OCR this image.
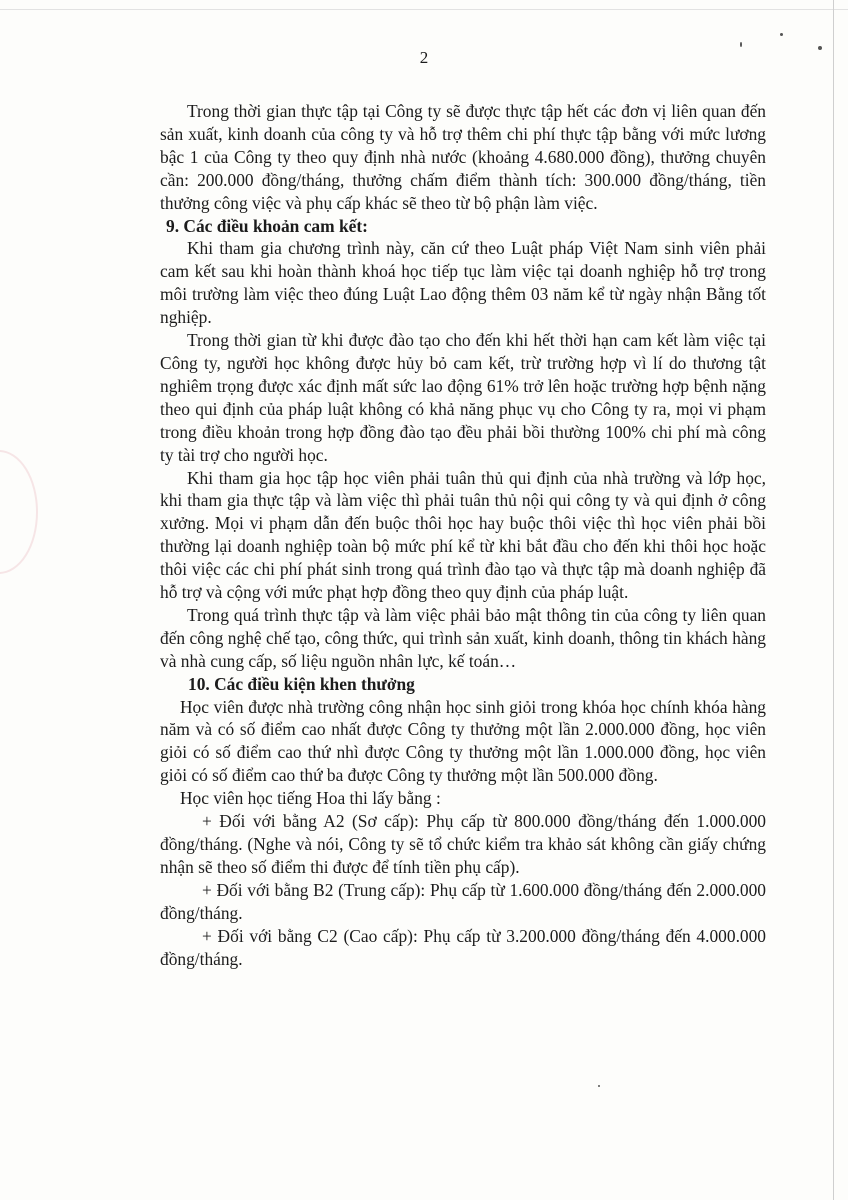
2

Trong thời gian thực tập tại Công ty sẽ được thực tập hết các đơn vị liên quan đến sản xuất, kinh doanh của công ty và hỗ trợ thêm chi phí thực tập bằng với mức lương bậc 1 của Công ty theo quy định nhà nước (khoảng 4.680.000 đồng), thưởng chuyên cần: 200.000 đồng/tháng, thưởng chấm điểm thành tích: 300.000 đồng/tháng, tiền thưởng công việc và phụ cấp khác sẽ theo từ bộ phận làm việc.

9. Các điều khoản cam kết:

Khi tham gia chương trình này, căn cứ theo Luật pháp Việt Nam sinh viên phải cam kết sau khi hoàn thành khoá học tiếp tục làm việc tại doanh nghiệp hỗ trợ trong môi trường làm việc theo đúng Luật Lao động thêm 03 năm kể từ ngày nhận Bằng tốt nghiệp.

Trong thời gian từ khi được đào tạo cho đến khi hết thời hạn cam kết làm việc tại Công ty, người học không được hủy bỏ cam kết, trừ trường hợp vì lí do thương tật nghiêm trọng được xác định mất sức lao động 61% trở lên hoặc trường hợp bệnh nặng theo qui định của pháp luật không có khả năng phục vụ cho Công ty ra, mọi vi phạm trong điều khoản trong hợp đồng đào tạo đều phải bồi thường 100% chi phí mà công ty tài trợ cho người học.

Khi tham gia học tập học viên phải tuân thủ qui định của nhà trường và lớp học, khi tham gia thực tập và làm việc thì phải tuân thủ nội qui công ty và qui định ở công xưởng. Mọi vi phạm dẫn đến buộc thôi học hay buộc thôi việc thì học viên phải bồi thường lại doanh nghiệp toàn bộ mức phí kể từ khi bắt đầu cho đến khi thôi học hoặc thôi việc các chi phí phát sinh trong quá trình đào tạo và thực tập mà doanh nghiệp đã hỗ trợ và cộng với mức phạt hợp đồng theo quy định của pháp luật.

Trong quá trình thực tập và làm việc phải bảo mật thông tin của công ty liên quan đến công nghệ chế tạo, công thức, qui trình sản xuất, kinh doanh, thông tin khách hàng và nhà cung cấp, số liệu nguồn nhân lực, kế toán…

10. Các điều kiện khen thưởng

Học viên được nhà trường công nhận học sinh giỏi trong khóa học chính khóa hàng năm và có số điểm cao nhất được Công ty thưởng một lần 2.000.000 đồng, học viên giỏi có số điểm cao thứ nhì được Công ty thưởng một lần 1.000.000 đồng, học viên giỏi có số điểm cao thứ ba được Công ty thưởng một lần 500.000 đồng.

Học viên học tiếng Hoa thi lấy bằng :

+ Đối với bằng A2 (Sơ cấp): Phụ cấp từ 800.000 đồng/tháng đến 1.000.000 đồng/tháng. (Nghe và nói, Công ty sẽ tổ chức kiểm tra khảo sát không cần giấy chứng nhận sẽ theo số điểm thi được để tính tiền phụ cấp).

+ Đối với bằng B2 (Trung cấp): Phụ cấp từ 1.600.000 đồng/tháng đến 2.000.000 đồng/tháng.

+ Đối với bằng C2 (Cao cấp): Phụ cấp từ 3.200.000 đồng/tháng đến 4.000.000 đồng/tháng.
